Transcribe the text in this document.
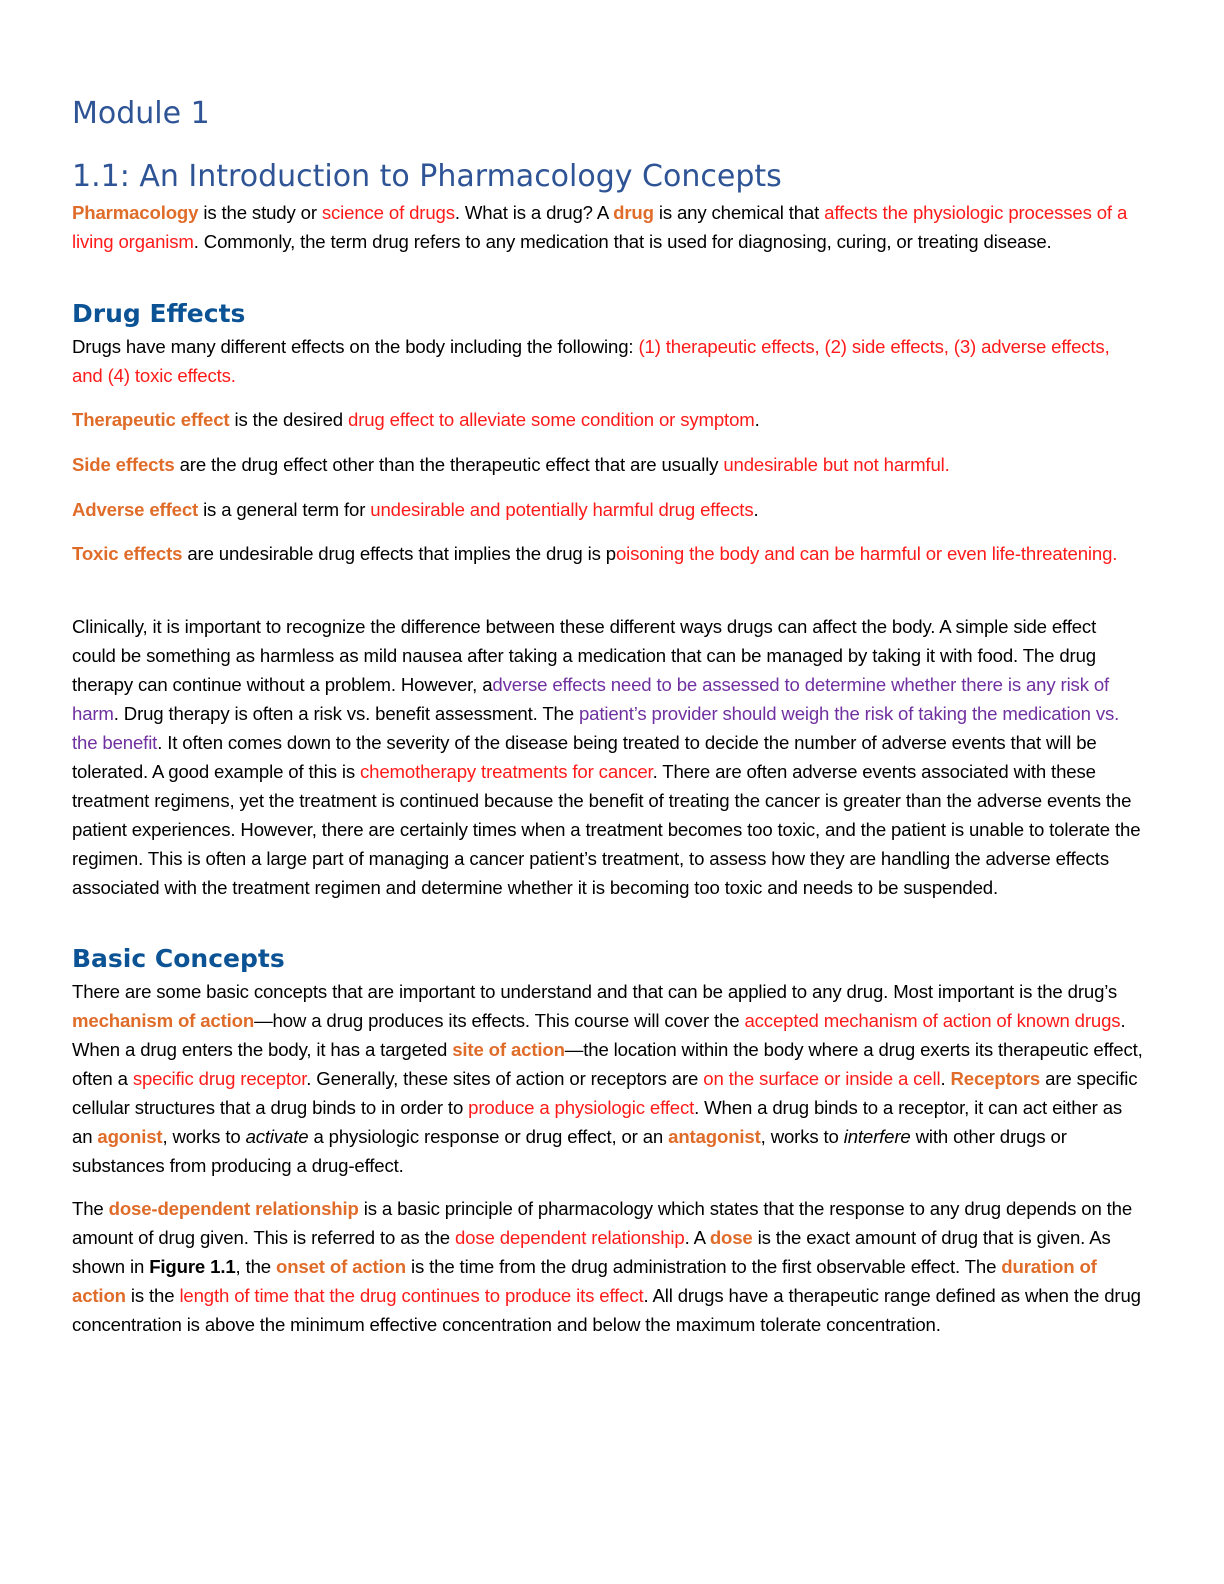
Module 1
1.1: An Introduction to Pharmacology Concepts

Pharmacology is the study or science of drugs. What is a drug? A drug is any chemical that affects the physiologic processes of a living organism. Commonly, the term drug refers to any medication that is used for diagnosing, curing, or treating disease.

Drug Effects

Drugs have many different effects on the body including the following: (1) therapeutic effects, (2) side effects, (3) adverse effects, and (4) toxic effects.

Therapeutic effect is the desired drug effect to alleviate some condition or symptom.

Side effects are the drug effect other than the therapeutic effect that are usually undesirable but not harmful.

Adverse effect is a general term for undesirable and potentially harmful drug effects.

Toxic effects are undesirable drug effects that implies the drug is poisoning the body and can be harmful or even life-threatening.

Clinically, it is important to recognize the difference between these different ways drugs can affect the body. A simple side effect could be something as harmless as mild nausea after taking a medication that can be managed by taking it with food. The drug therapy can continue without a problem. However, adverse effects need to be assessed to determine whether there is any risk of harm. Drug therapy is often a risk vs. benefit assessment. The patient’s provider should weigh the risk of taking the medication vs. the benefit. It often comes down to the severity of the disease being treated to decide the number of adverse events that will be tolerated. A good example of this is chemotherapy treatments for cancer. There are often adverse events associated with these treatment regimens, yet the treatment is continued because the benefit of treating the cancer is greater than the adverse events the patient experiences. However, there are certainly times when a treatment becomes too toxic, and the patient is unable to tolerate the regimen. This is often a large part of managing a cancer patient’s treatment, to assess how they are handling the adverse effects associated with the treatment regimen and determine whether it is becoming too toxic and needs to be suspended.

Basic Concepts

There are some basic concepts that are important to understand and that can be applied to any drug. Most important is the drug’s mechanism of action—how a drug produces its effects. This course will cover the accepted mechanism of action of known drugs. When a drug enters the body, it has a targeted site of action—the location within the body where a drug exerts its therapeutic effect, often a specific drug receptor. Generally, these sites of action or receptors are on the surface or inside a cell. Receptors are specific cellular structures that a drug binds to in order to produce a physiologic effect. When a drug binds to a receptor, it can act either as an agonist, works to activate a physiologic response or drug effect, or an antagonist, works to interfere with other drugs or substances from producing a drug-effect.

The dose-dependent relationship is a basic principle of pharmacology which states that the response to any drug depends on the amount of drug given. This is referred to as the dose dependent relationship. A dose is the exact amount of drug that is given. As shown in Figure 1.1, the onset of action is the time from the drug administration to the first observable effect. The duration of action is the length of time that the drug continues to produce its effect. All drugs have a therapeutic range defined as when the drug concentration is above the minimum effective concentration and below the maximum tolerate concentration.
